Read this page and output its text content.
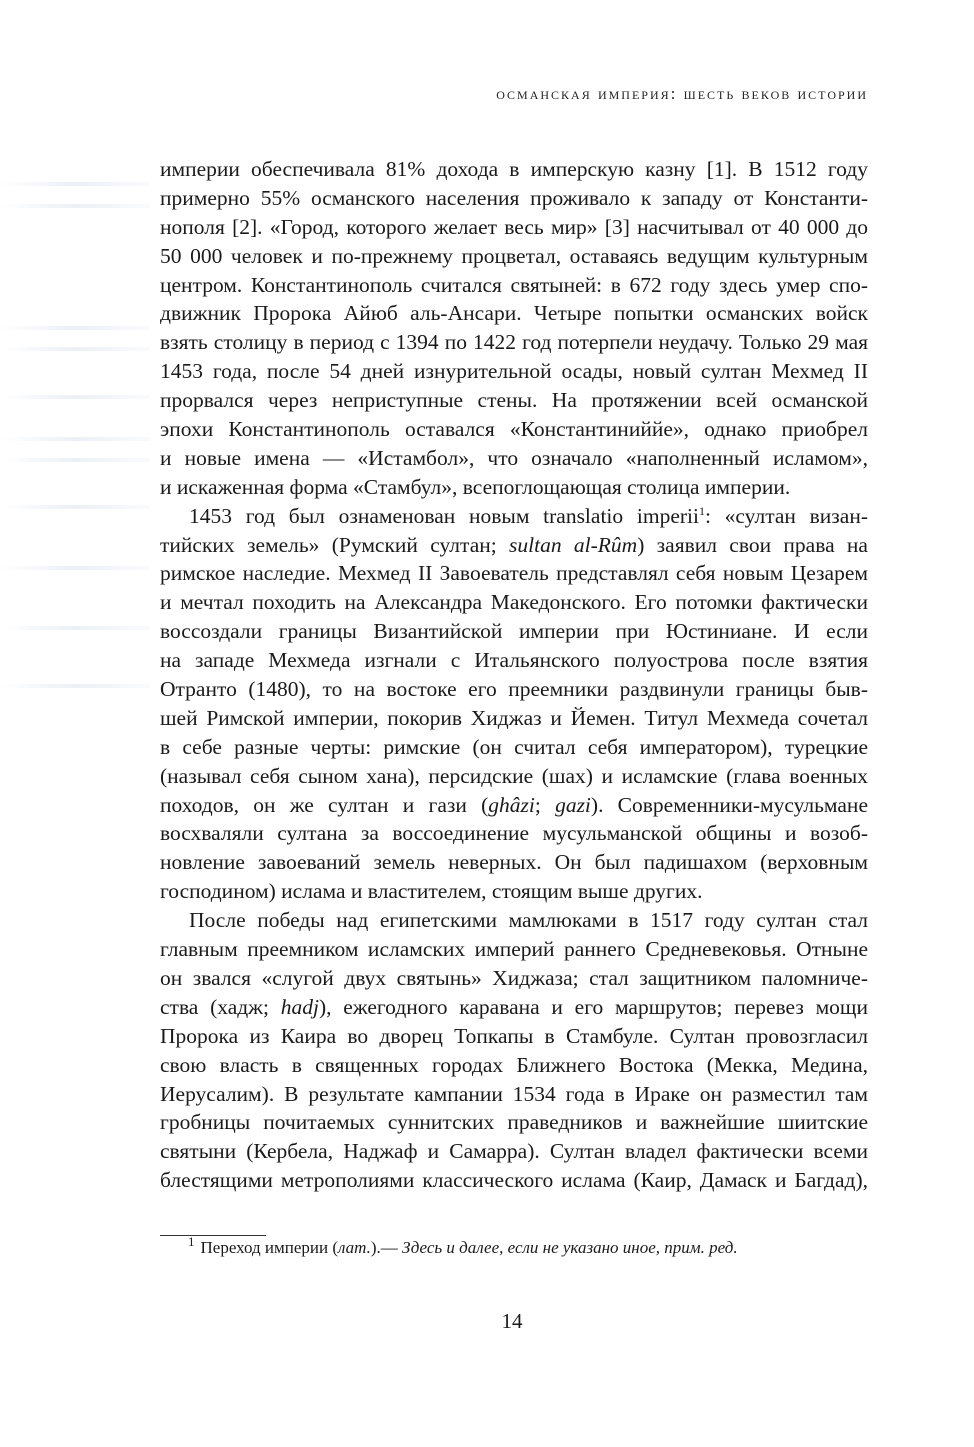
османская империя: шесть веков истории
империи обеспечивала 81% дохода в имперскую казну [1]. В 1512 году
примерно 55% османского населения проживало к западу от Константи-
нополя [2]. «Город, которого желает весь мир» [3] насчитывал от 40 000 до
50 000 человек и по-прежнему процветал, оставаясь ведущим культурным
центром. Константинополь считался святыней: в 672 году здесь умер спо-
движник Пророка Айюб аль-Ансари. Четыре попытки османских войск
взять столицу в период с 1394 по 1422 год потерпели неудачу. Только 29 мая
1453 года, после 54 дней изнурительной осады, новый султан Мехмед II
прорвался через неприступные стены. На протяжении всей османской
эпохи Константинополь оставался «Константиниййе», однако приобрел
и новые имена — «Истамбол», что означало «наполненный исламом»,
и искаженная форма «Стамбул», всепоглощающая столица империи.
1453 год был ознаменован новым translatio imperii$^1$: «султан визан-
тийских земель» (Румский султан; sultan al-Rûm) заявил свои права на
римское наследие. Мехмед II Завоеватель представлял себя новым Цезарем
и мечтал походить на Александра Македонского. Его потомки фактически
воссоздали границы Византийской империи при Юстиниане. И если
на западе Мехмеда изгнали с Итальянского полуострова после взятия
Отранто (1480), то на востоке его преемники раздвинули границы быв-
шей Римской империи, покорив Хиджаз и Йемен. Титул Мехмеда сочетал
в себе разные черты: римские (он считал себя императором), турецкие
(называл себя сыном хана), персидские (шах) и исламские (глава военных
походов, он же султан и гази (ghâzi; gazi). Современники-мусульмане
восхваляли султана за воссоединение мусульманской общины и возоб-
новление завоеваний земель неверных. Он был падишахом (верховным
господином) ислама и властителем, стоящим выше других.
После победы над египетскими мамлюками в 1517 году султан стал
главным преемником исламских империй раннего Средневековья. Отныне
он звался «слугой двух святынь» Хиджаза; стал защитником паломниче-
ства (хадж; hadj), ежегодного каравана и его маршрутов; перевез мощи
Пророка из Каира во дворец Топкапы в Стамбуле. Султан провозгласил
свою власть в священных городах Ближнего Востока (Мекка, Медина,
Иерусалим). В результате кампании 1534 года в Ираке он разместил там
гробницы почитаемых суннитских праведников и важнейшие шиитские
святыни (Кербела, Наджаф и Самарра). Султан владел фактически всеми
блестящими метрополиями классического ислама (Каир, Дамаск и Багдад),
1 Переход империи (лат.).— Здесь и далее, если не указано иное, прим. ред.
14
